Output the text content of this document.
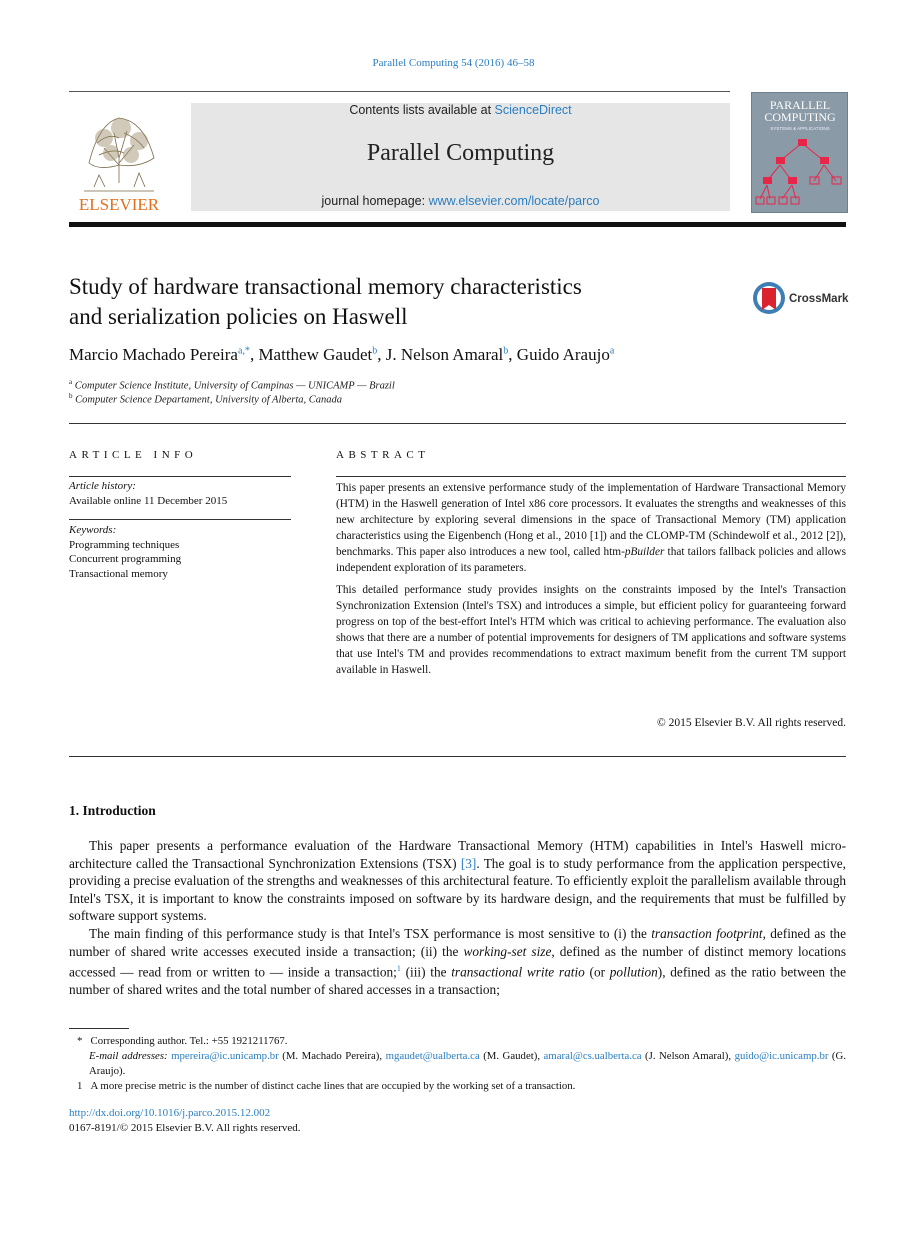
Parallel Computing 54 (2016) 46–58
ELSEVIER
Contents lists available at ScienceDirect
Parallel Computing
journal homepage: www.elsevier.com/locate/parco
PARALLEL
COMPUTING
SYSTEMS & APPLICATIONS
Study of hardware transactional memory characteristics
and serialization policies on Haswell
CrossMark
Marcio Machado Pereira$^{a,*}$, Matthew Gaudet$^b$, J. Nelson Amaral$^b$, Guido Araujo$^a$
$^a$ Computer Science Institute, University of Campinas — UNICAMP — Brazil
$^b$ Computer Science Departament, University of Alberta, Canada
ARTICLE INFO
Article history:
Available online 11 December 2015
Keywords:
Programming techniques
Concurrent programming
Transactional memory
ABSTRACT

This paper presents an extensive performance study of the implementation of Hardware Transactional Memory (HTM) in the Haswell generation of Intel x86 core processors. It evaluates the strengths and weaknesses of this new architecture by exploring several dimensions in the space of Transactional Memory (TM) application characteristics using the Eigenbench (Hong et al., 2010 [1]) and the CLOMP-TM (Schindewolf et al., 2012 [2]), benchmarks. This paper also introduces a new tool, called htm-pBuilder that tailors fallback policies and allows independent exploration of its parameters.

This detailed performance study provides insights on the constraints imposed by the Intel's Transaction Synchronization Extension (Intel's TSX) and introduces a simple, but efficient policy for guaranteeing forward progress on top of the best-effort Intel's HTM which was critical to achieving performance. The evaluation also shows that there are a number of potential improvements for designers of TM applications and software systems that use Intel's TM and provides recommendations to extract maximum benefit from the current TM support available in Haswell.

© 2015 Elsevier B.V. All rights reserved.
1. Introduction

This paper presents a performance evaluation of the Hardware Transactional Memory (HTM) capabilities in Intel's Haswell micro-architecture called the Transactional Synchronization Extensions (TSX) [3]. The goal is to study performance from the application perspective, providing a precise evaluation of the strengths and weaknesses of this architectural feature. To efficiently exploit the parallelism available through Intel's TSX, it is important to know the constraints imposed on software by its hardware design, and the requirements that must be fulfilled by software support systems.

The main finding of this performance study is that Intel's TSX performance is most sensitive to (i) the transaction footprint, defined as the number of shared write accesses executed inside a transaction; (ii) the working-set size, defined as the number of distinct memory locations accessed — read from or written to — inside a transaction;$^1$ (iii) the transactional write ratio (or pollution), defined as the ratio between the number of shared writes and the total number of shared accesses in a transaction;

* Corresponding author. Tel.: +55 1921211767.
E-mail addresses: mpereira@ic.unicamp.br (M. Machado Pereira), mgaudet@ualberta.ca (M. Gaudet), amaral@cs.ualberta.ca (J. Nelson Amaral), guido@ic.unicamp.br (G. Araujo).
1 A more precise metric is the number of distinct cache lines that are occupied by the working set of a transaction.
http://dx.doi.org/10.1016/j.parco.2015.12.002
0167-8191/© 2015 Elsevier B.V. All rights reserved.
